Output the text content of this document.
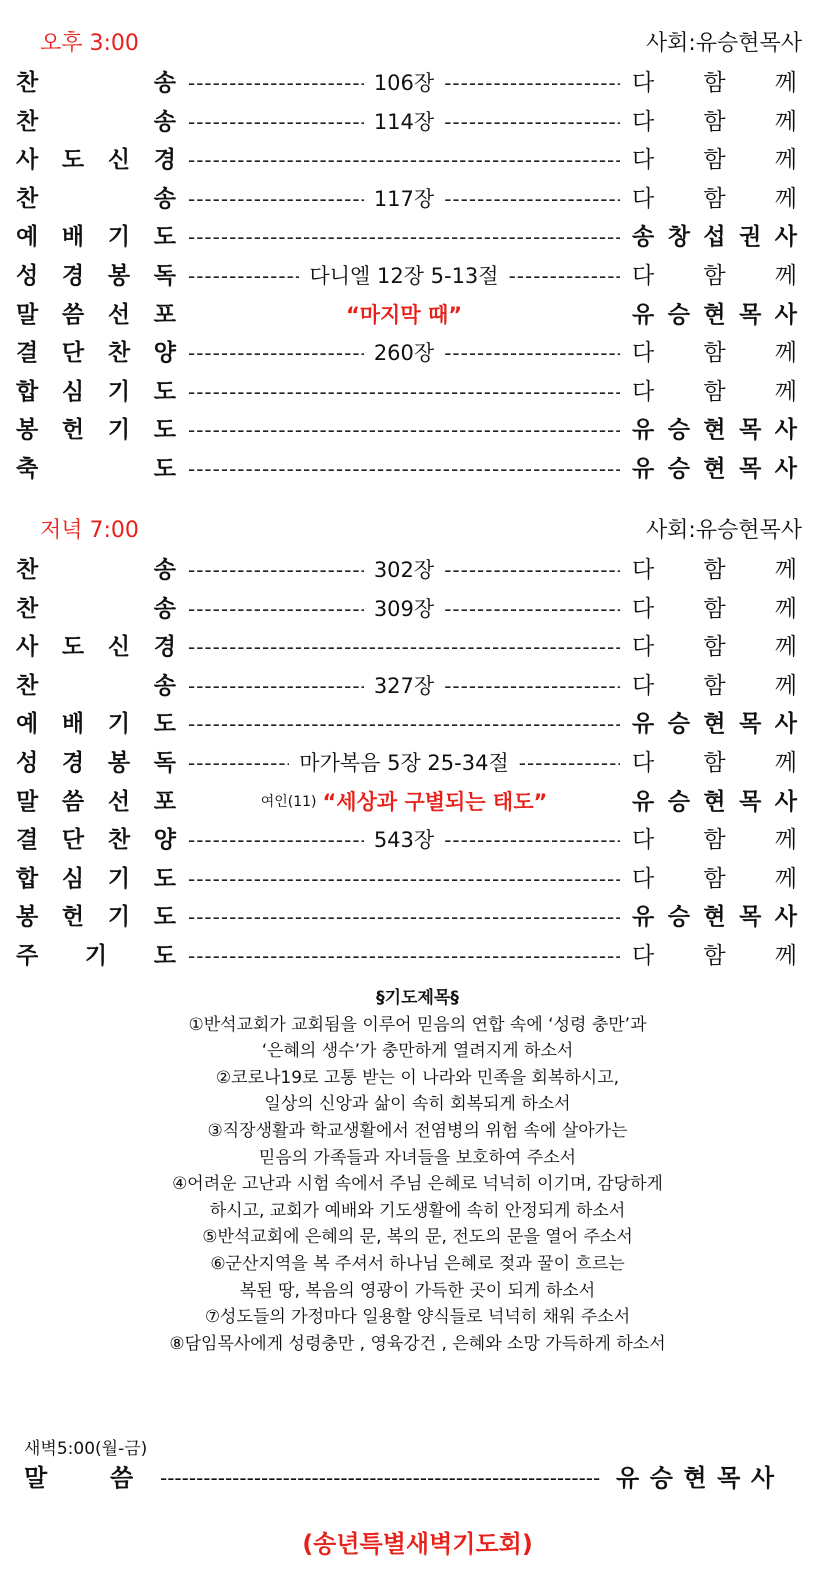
오후 3:00	사회:유승현목사
찬	송 -----	106장 -----	다 함 께
찬	송 -----	114장 -----	다 함 께
사 도 신 경 -----	다 함 께
찬	송 -----	117장 -----	다 함 께
예 배 기 도 -----	송 창 섭 권 사
성 경 봉 독 -----	다니엘 12장 5-13절 -----	다 함 께
말 씀 선 포	“마지막 때”	유 승 현 목 사
결 단 찬 양 -----	260장 -----	다 함 께
합 심 기 도 -----	다 함 께
봉 헌 기 도 -----	유 승 현 목 사
축	도 -----	유 승 현 목 사
저녁 7:00	사회:유승현목사
찬	송 -----	302장 -----	다 함 께
찬	송 -----	309장 -----	다 함 께
사 도 신 경 -----	다 함 께
찬	송 -----	327장 -----	다 함 께
예 배 기 도 -----	유 승 현 목 사
성 경 봉 독 -----	마가복음 5장 25-34절 -----	다 함 께
말 씀 선 포	여인(11) “세상과 구별되는 태도”	유 승 현 목 사
결 단 찬 양 -----	543장 -----	다 함 께
합 심 기 도 -----	다 함 께
봉 헌 기 도 -----	유 승 현 목 사
주 기 도 -----	다 함 께
§기도제목§
①반석교회가 교회됨을 이루어 믿음의 연합 속에 ‘성령 충만’과
‘은혜의 생수’가 충만하게 열려지게 하소서
②코로나19로 고통 받는 이 나라와 민족을 회복하시고,
일상의 신앙과 삶이 속히 회복되게 하소서
③직장생활과 학교생활에서 전염병의 위험 속에 살아가는
믿음의 가족들과 자녀들을 보호하여 주소서
④어려운 고난과 시험 속에서 주님 은혜로 넉넉히 이기며, 감당하게
하시고, 교회가 예배와 기도생활에 속히 안정되게 하소서
⑤반석교회에 은혜의 문, 복의 문, 전도의 문을 열어 주소서
⑥군산지역을 복 주셔서 하나님 은혜로 젖과 꿀이 흐르는
복된 땅, 복음의 영광이 가득한 곳이 되게 하소서
⑦성도들의 가정마다 일용할 양식들로 넉넉히 채워 주소서
⑧담임목사에게 성령충만 , 영육강건 , 은혜와 소망 가득하게 하소서
새벽5:00(월-금)
말	씀 -----	유 승 현 목 사
(송년특별새벽기도회)
